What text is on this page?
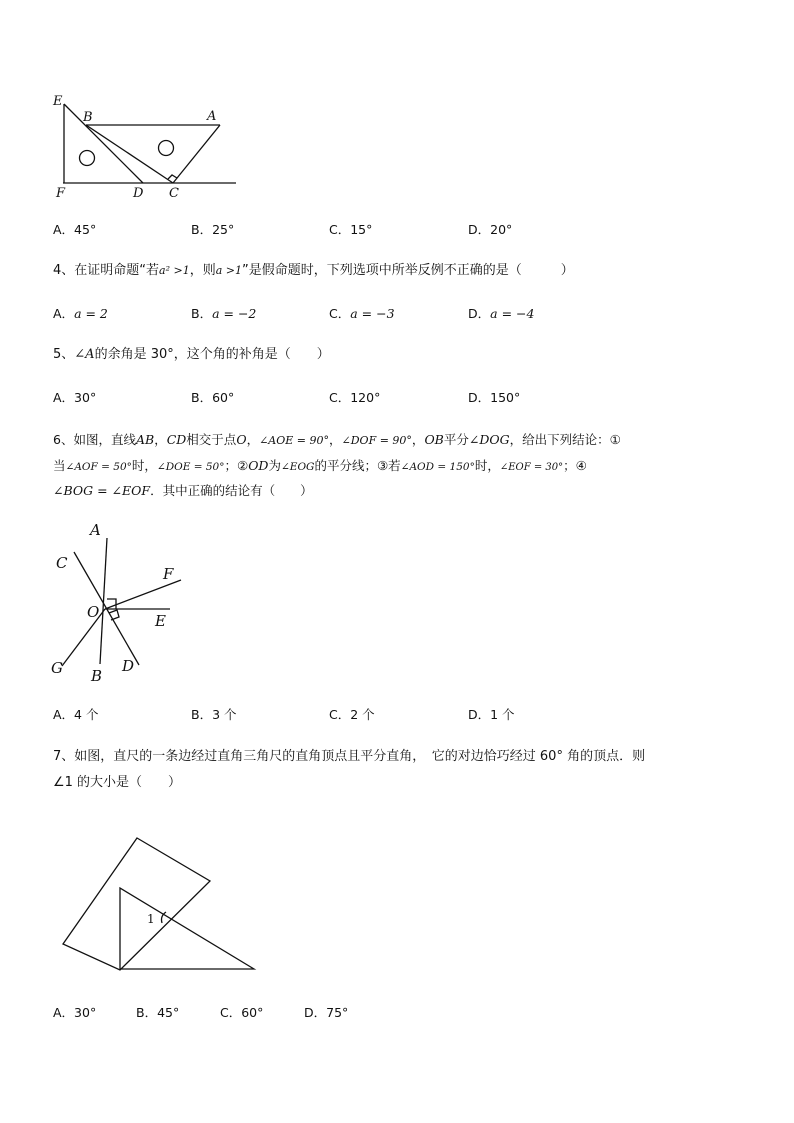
E
B	A
F	D C
A．45°	B．25°	C．15°	D．20°
4、在证明命题“若a² >1，则a >1”是假命题时，下列选项中所举反例不正确的是（　　　）
A．a = 2	B．a = −2	C．a = −3	D．a = −4
5、∠A的余角是 30°，这个角的补角是（　　）
A．30°	B．60°	C．120°	D．150°
6、如图，直线AB，CD相交于点O，∠AOE = 90°，∠DOF = 90°，OB平分∠DOG，给出下列结论：①
当∠AOF = 50°时，∠DOE = 50°；②OD为∠EOG的平分线；③若∠AOD = 150°时，∠EOF = 30°；④
∠BOG = ∠EOF．其中正确的结论有（　　）
A
C
F
O	E
G B
D
A．4 个	B．3 个	C．2 个	D．1 个
7、如图，直尺的一条边经过直角三角尺的直角顶点且平分直角，　它的对边恰巧经过 60° 角的顶点．则
∠1 的大小是（　　）
1
A．30°	B．45°	C．60°	D．75°
